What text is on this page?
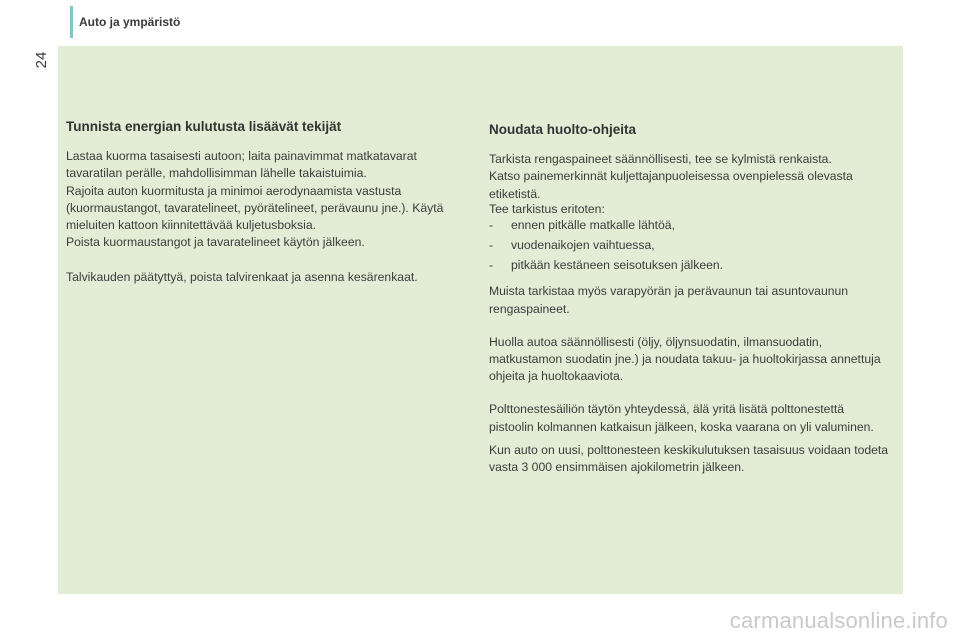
Auto ja ympäristö
24
Tunnista energian kulutusta lisäävät tekijät

Lastaa kuorma tasaisesti autoon; laita painavimmat matkatavarat tavaratilan perälle, mahdollisimman lähelle takaistuimia.

Rajoita auton kuormitusta ja minimoi aerodynaamista vastusta (kuormaustangot, tavaratelineet, pyörätelineet, perävaunu jne.). Käytä mieluiten kattoon kiinnitettävää kuljetusboksia.

Poista kuormaustangot ja tavaratelineet käytön jälkeen.

Talvikauden päätyttyä, poista talvirenkaat ja asenna kesärenkaat.

Noudata huolto-ohjeita

Tarkista rengaspaineet säännöllisesti, tee se kylmistä renkaista.

Katso painemerkinnät kuljettajanpuoleisessa ovenpielessä olevasta etiketistä.

Tee tarkistus eritoten:

- ennen pitkälle matkalle lähtöä,
- vuodenaikojen vaihtuessa,
- pitkään kestäneen seisotuksen jälkeen.

Muista tarkistaa myös varapyörän ja perävaunun tai asuntovaunun rengaspaineet.

Huolla autoa säännöllisesti (öljy, öljynsuodatin, ilmansuodatin, matkustamon suodatin jne.) ja noudata takuu- ja huoltokirjassa annettuja ohjeita ja huoltokaaviota.

Polttonestesäiliön täytön yhteydessä, älä yritä lisätä polttonestettä pistoolin kolmannen katkaisun jälkeen, koska vaarana on yli valuminen.

Kun auto on uusi, polttonesteen keskikulutuksen tasaisuus voidaan todeta vasta 3 000 ensimmäisen ajokilometrin jälkeen.

carmanualsonline.info
